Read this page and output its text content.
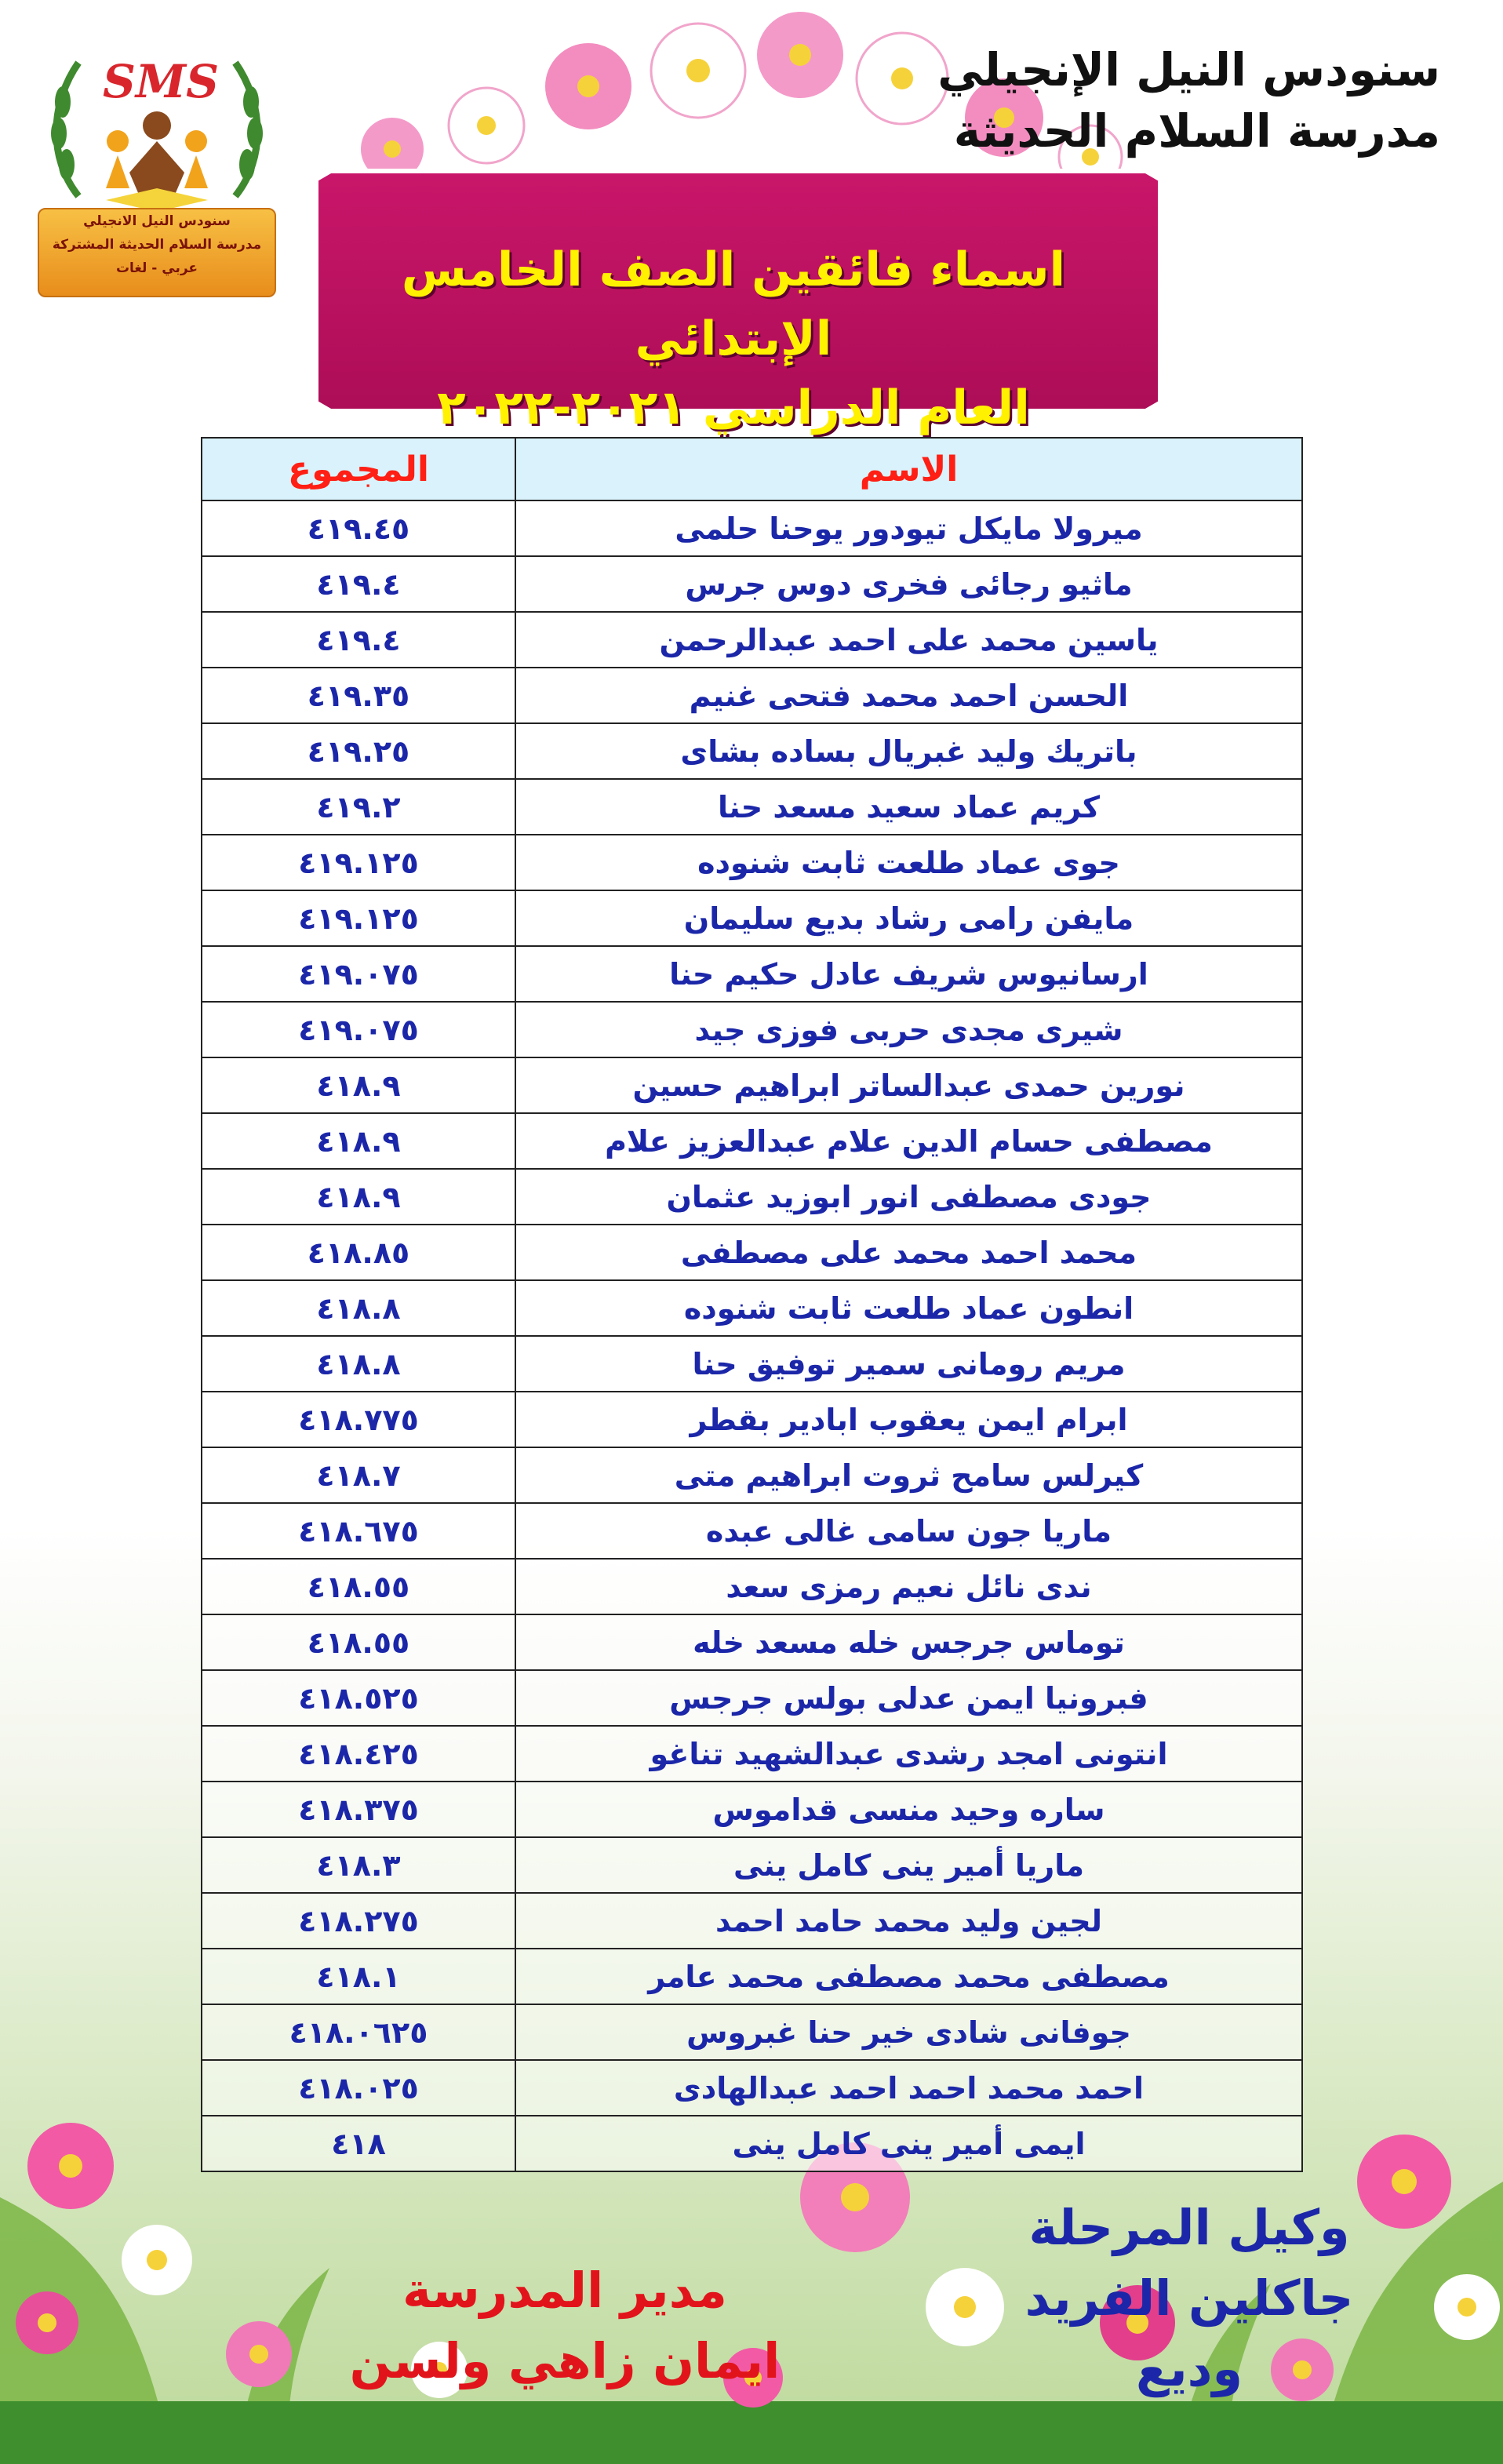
SMS
سنودس النيل الانجيلي
مدرسة السلام الحديثة المشتركة
عربي - لغات
سنودس النيل الإنجيلي
مدرسة السلام الحديثة
اسماء فائقين الصف الخامس الإبتدائي
العام الدراسي ٢٠٢١-٢٠٢٢
الاسم	المجموع
ميرولا مايكل تيودور يوحنا حلمى	٤١٩.٤٥
ماثيو رجائى فخرى دوس جرس	٤١٩.٤
ياسين محمد على احمد عبدالرحمن	٤١٩.٤
الحسن احمد محمد فتحى غنيم	٤١٩.٣٥
باتريك وليد غبريال بساده بشاى	٤١٩.٢٥
كريم عماد سعيد مسعد حنا	٤١٩.٢
جوى عماد طلعت ثابت شنوده	٤١٩.١٢٥
مايفن رامى رشاد بديع سليمان	٤١٩.١٢٥
ارسانيوس شريف عادل حكيم حنا	٤١٩.٠٧٥
شيرى مجدى حربى فوزى جيد	٤١٩.٠٧٥
نورين حمدى عبدالساتر ابراهيم حسين	٤١٨.٩
مصطفى حسام الدين علام عبدالعزيز علام	٤١٨.٩
جودى مصطفى انور ابوزيد عثمان	٤١٨.٩
محمد احمد محمد على مصطفى	٤١٨.٨٥
انطون عماد طلعت ثابت شنوده	٤١٨.٨
مريم رومانى سمير توفيق حنا	٤١٨.٨
ابرام ايمن يعقوب ابادير بقطر	٤١٨.٧٧٥
كيرلس سامح ثروت ابراهيم متى	٤١٨.٧
ماريا جون سامى غالى عبده	٤١٨.٦٧٥
ندى نائل نعيم رمزى سعد	٤١٨.٥٥
توماس جرجس خله مسعد خله	٤١٨.٥٥
فبرونيا ايمن عدلى بولس جرجس	٤١٨.٥٢٥
انتونى امجد رشدى عبدالشهيد تناغو	٤١٨.٤٢٥
ساره وحيد منسى قداموس	٤١٨.٣٧٥
ماريا أمير ينى كامل ينى	٤١٨.٣
لجين وليد محمد حامد احمد	٤١٨.٢٧٥
مصطفى محمد مصطفى محمد عامر	٤١٨.١
جوفانى شادى خير حنا غبروس	٤١٨.٠٦٢٥
احمد محمد احمد احمد عبدالهادى	٤١٨.٠٢٥
ايمى أمير ينى كامل ينى	٤١٨
وكيل المرحلة
جاكلين الفريد وديع
مدير المدرسة
ايمان زاهي ولسن
